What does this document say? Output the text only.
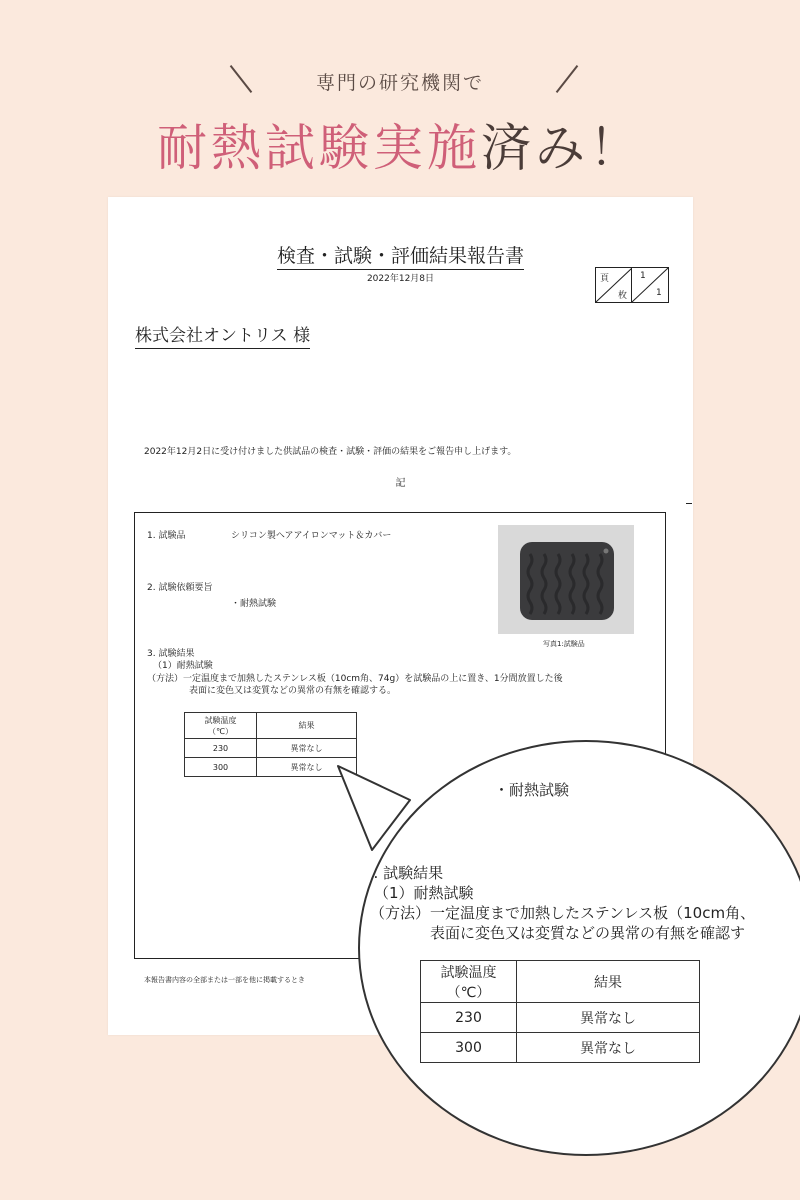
専門の研究機関で
耐熱試験実施済み！
検査・試験・評価結果報告書
2022年12月8日	頁
枚
1
1
株式会社オントリス 様
2022年12月2日に受け付けました供試品の検査・試験・評価の結果をご報告申し上げます。
記
1. 試験品	シリコン製ヘアアイロンマット＆カバー
2. 試験依頼要旨
・耐熱試験
写真1:試験品
3. 試験結果
（1）耐熱試験
（方法）一定温度まで加熱したステンレス板（10cm角、74g）を試験品の上に置き、1分間放置した後
表面に変色又は変質などの異常の有無を確認する。
試験温度
（℃）	結果
230	異常なし
300	異常なし
本報告書内容の全部または一部を他に掲載するとき
旨
・耐熱試験
3. 試験結果
（1）耐熱試験
（方法）一定温度まで加熱したステンレス板（10cm角、
表面に変色又は変質などの異常の有無を確認す
試験温度
（℃）	結果
230	異常なし
300	異常なし
